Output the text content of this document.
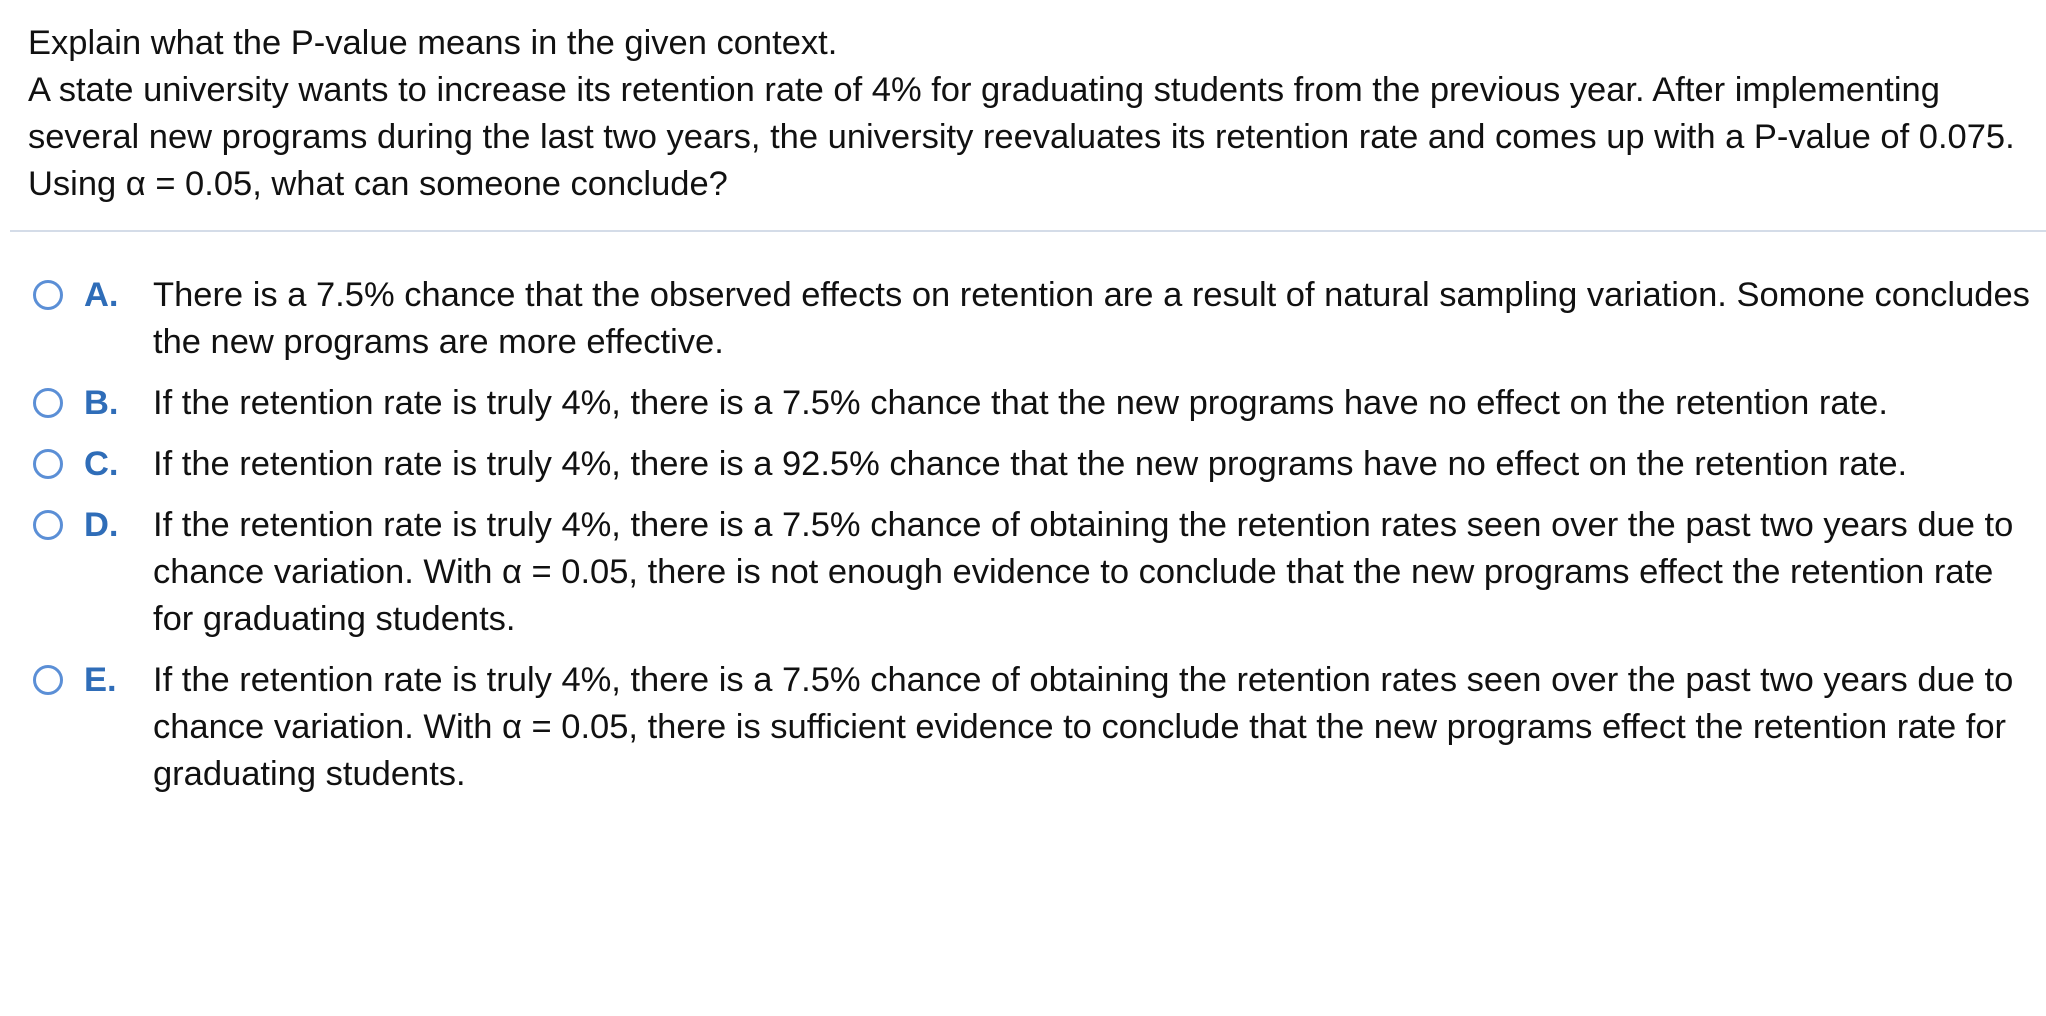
Explain what the P-value means in the given context.

A state university wants to increase its retention rate of 4% for graduating students from the previous year. After implementing several new programs during the last two years, the university reevaluates its retention rate and comes up with a P-value of 0.075. Using α = 0.05, what can someone conclude?

A. There is a 7.5% chance that the observed effects on retention are a result of natural sampling variation. Somone concludes the new programs are more effective.
B. If the retention rate is truly 4%, there is a 7.5% chance that the new programs have no effect on the retention rate.
C. If the retention rate is truly 4%, there is a 92.5% chance that the new programs have no effect on the retention rate.
D. If the retention rate is truly 4%, there is a 7.5% chance of obtaining the retention rates seen over the past two years due to chance variation. With α = 0.05, there is not enough evidence to conclude that the new programs effect the retention rate for graduating students.
E. If the retention rate is truly 4%, there is a 7.5% chance of obtaining the retention rates seen over the past two years due to chance variation. With α = 0.05, there is sufficient evidence to conclude that the new programs effect the retention rate for graduating students.
